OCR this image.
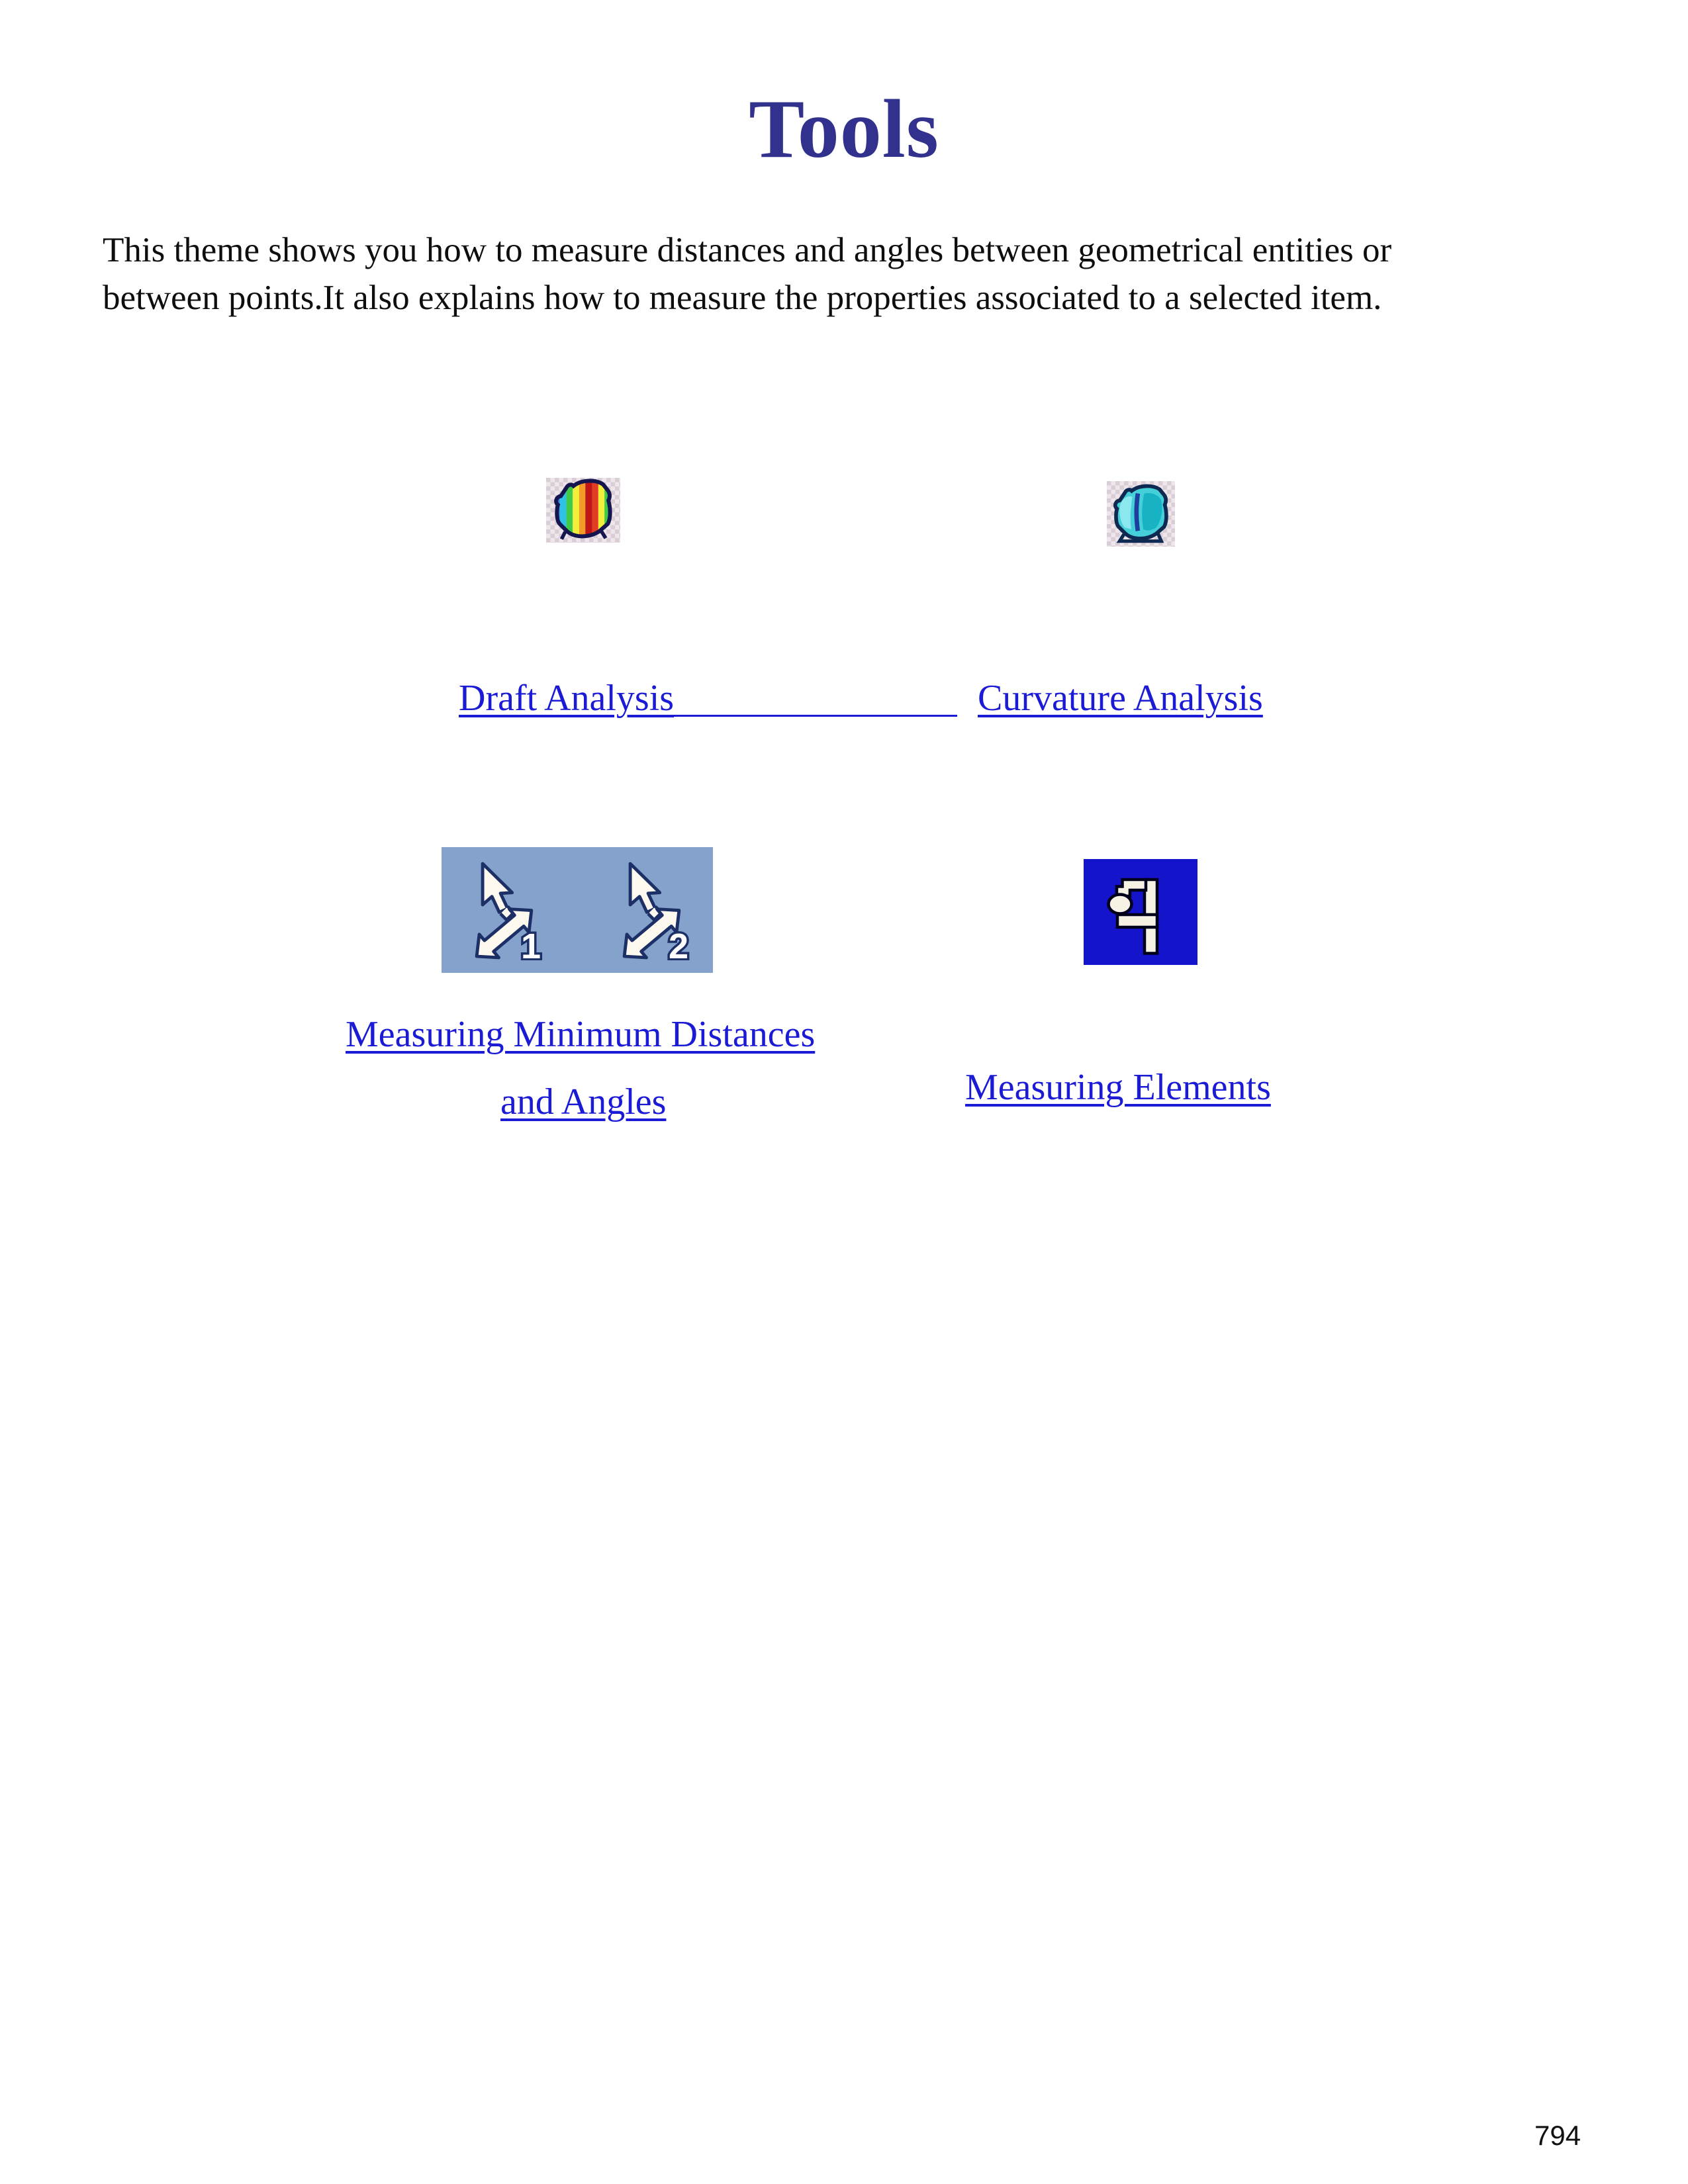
Tools

This theme shows you how to measure distances and angles between geometrical entities or between points.It also explains how to measure the properties associated to a selected item.

Draft Analysis	Curvature Analysis
1	2
Measuring Minimum Distances
and Angles	Measuring Elements
794
